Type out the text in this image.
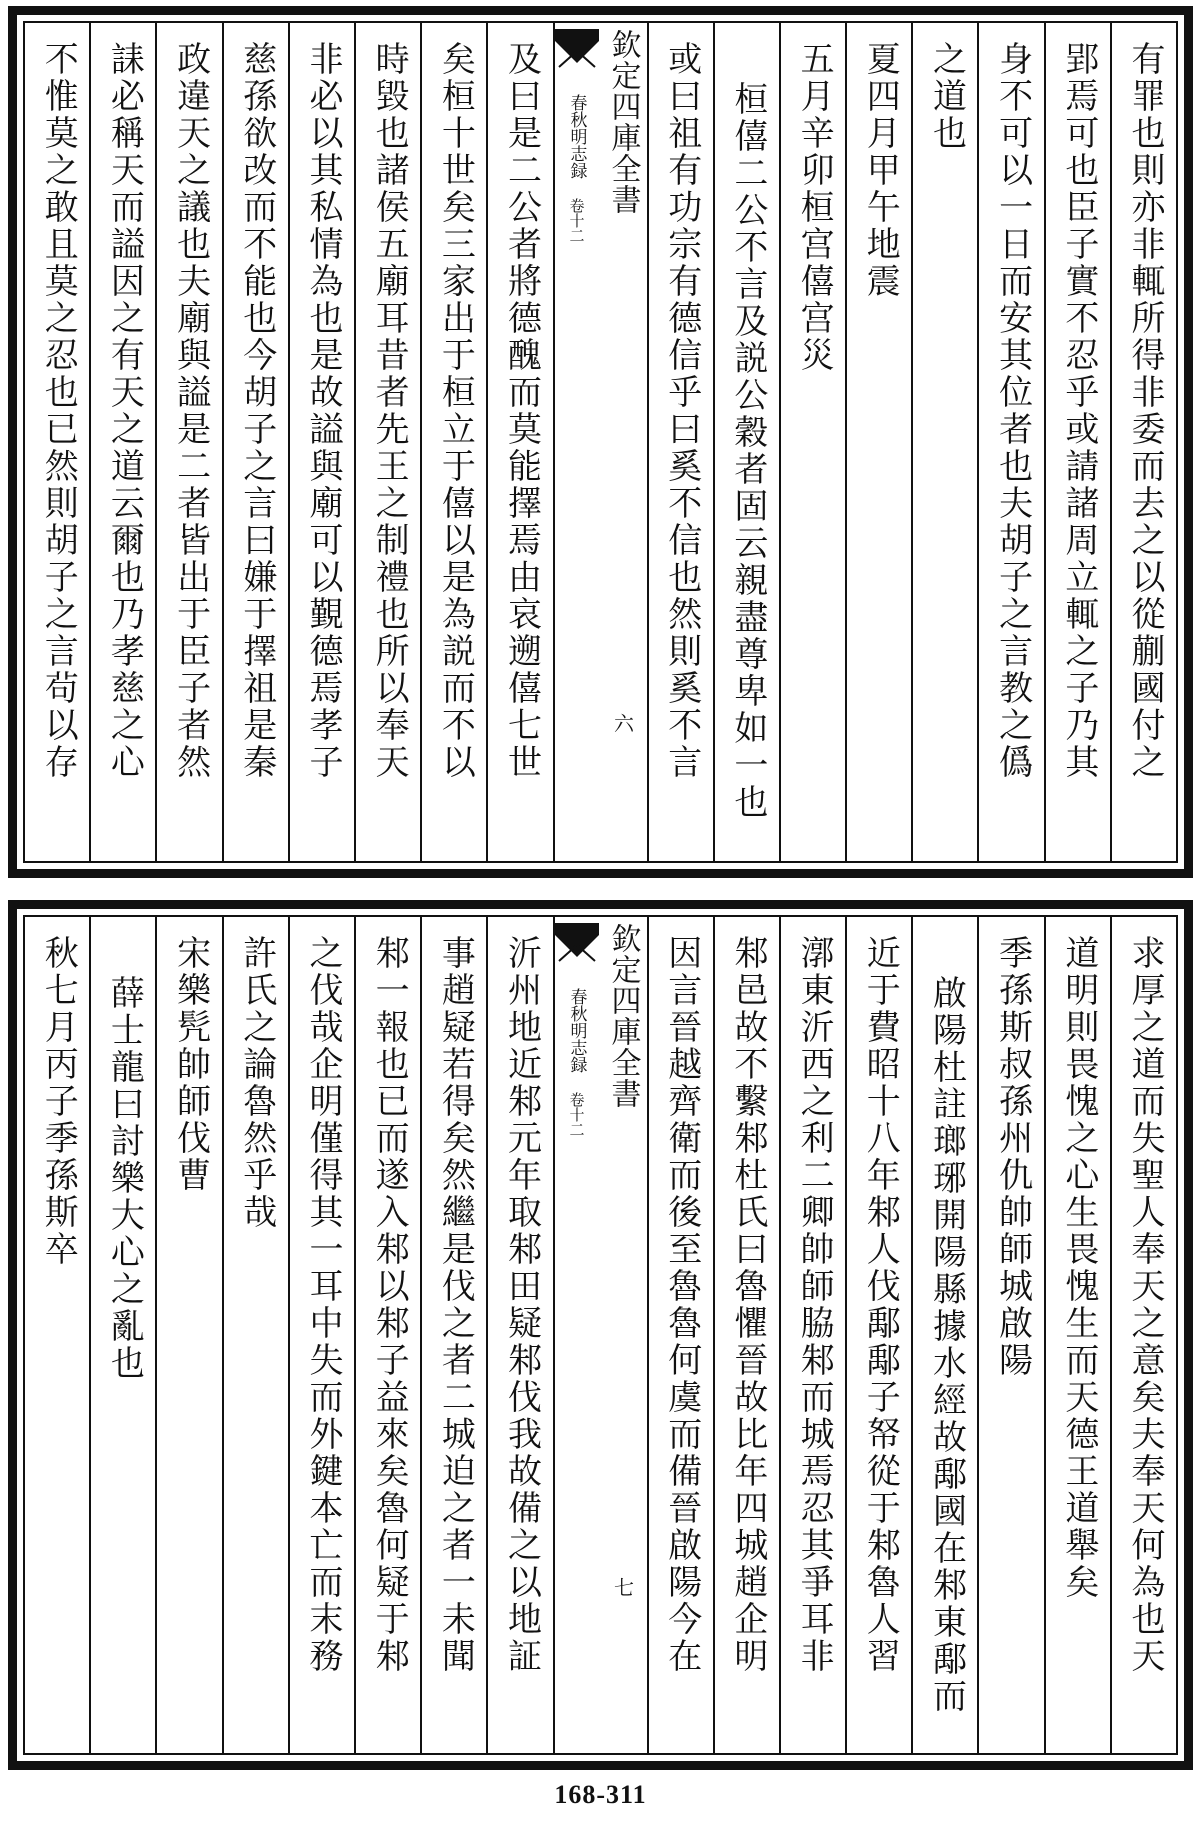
有罪也則亦非輒所得非委而去之以從蒯國付之
郢焉可也臣子實不忍乎或請諸周立輒之子乃其
身不可以一日而安其位者也夫胡子之言教之僞
之道也
夏四月甲午地震
五月辛卯桓宫僖宫災
桓僖二公不言及説公穀者固云親盡尊卑如一也
或曰祖有功宗有德信乎曰奚不信也然則奚不言
欽定四庫全書
春秋明志録 卷十二
六
及曰是二公者將德醜而莫能擇焉由哀遡僖七世
矣桓十世矣三家出于桓立于僖以是為説而不以
時毀也諸侯五廟耳昔者先王之制禮也所以奉天
非必以其私情為也是故謚與廟可以覲德焉孝子
慈孫欲改而不能也今胡子之言曰嫌于擇祖是秦
政違天之議也夫廟與謚是二者皆出于臣子者然
誄必稱天而謚因之有天之道云爾也乃孝慈之心
不惟莫之敢且莫之忍也已然則胡子之言茍以存
求厚之道而失聖人奉天之意矣夫奉天何為也天
道明則畏愧之心生畏愧生而天德王道舉矣
季孫斯叔孫州仇帥師城啟陽
啟陽杜註瑯琊開陽縣據水經故鄅國在邾東鄅而
近于費昭十八年邾人伐鄅鄅子帑從于邾魯人習
漷東沂西之利二卿帥師脇邾而城焉忍其爭耳非
邾邑故不繫邾杜氏曰魯懼晉故比年四城趙企明
因言晉越齊衛而後至魯魯何虞而備晉啟陽今在
欽定四庫全書
春秋明志録 卷十二
七
沂州地近邾元年取邾田疑邾伐我故備之以地証
事趙疑若得矣然繼是伐之者二城迫之者一未聞
邾一報也已而遂入邾以邾子益來矣魯何疑于邾
之伐哉企明僅得其一耳中失而外鍵本亡而末務
許氏之論魯然乎哉
宋樂髠帥師伐曹
薛士龍曰討樂大心之亂也
秋七月丙子季孫斯卒
168-311
